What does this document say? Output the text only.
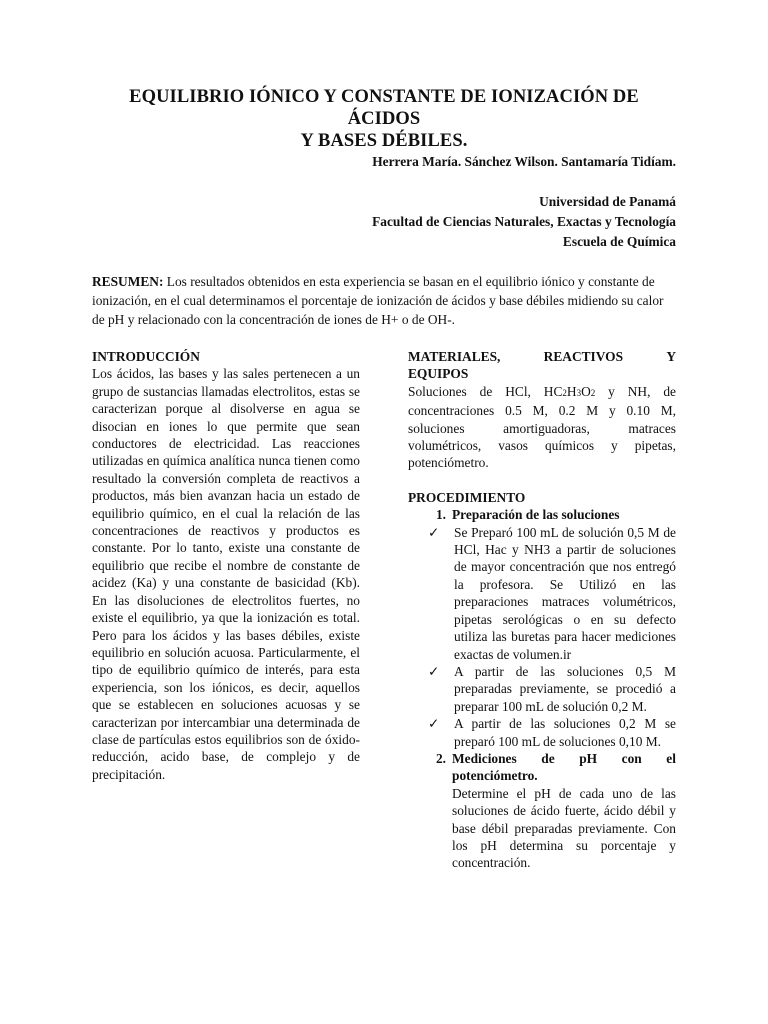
EQUILIBRIO IÓNICO Y CONSTANTE DE IONIZACIÓN DE ÁCIDOS
Y BASES DÉBILES.
Herrera María. Sánchez Wilson. Santamaría Tidíam.
Universidad de Panamá
Facultad de Ciencias Naturales, Exactas y Tecnología
Escuela de Química
RESUMEN: Los resultados obtenidos en esta experiencia se basan en el equilibrio iónico y constante de ionización, en el cual determinamos el porcentaje de ionización de ácidos y base débiles midiendo su calor de pH y relacionado con la concentración de iones de H+ o de OH-.
INTRODUCCIÓN

Los ácidos, las bases y las sales pertenecen a un grupo de sustancias llamadas electrolitos, estas se caracterizan porque al disolverse en agua se disocian en iones lo que permite que sean conductores de electricidad. Las reacciones utilizadas en química analítica nunca tienen como resultado la conversión completa de reactivos a productos, más bien avanzan hacia un estado de equilibrio químico, en el cual la relación de las concentraciones de reactivos y productos es constante. Por lo tanto, existe una constante de equilibrio que recibe el nombre de constante de acidez (Ka) y una constante de basicidad (Kb). En las disoluciones de electrolitos fuertes, no existe el equilibrio, ya que la ionización es total. Pero para los ácidos y las bases débiles, existe equilibrio en solución acuosa. Particularmente, el tipo de equilibrio químico de interés, para esta experiencia, son los iónicos, es decir, aquellos que se establecen en soluciones acuosas y se caracterizan por intercambiar una determinada de clase de partículas estos equilibrios son de óxido- reducción, acido base, de complejo y de precipitación.

MATERIALES,	REACTIVOS	Y
EQUIPOS

Soluciones de HCl, HC2H3O2 y NH, de concentraciones 0.5 M, 0.2 M y 0.10 M, soluciones amortiguadoras, matraces volumétricos, vasos químicos y pipetas, potenciómetro.

PROCEDIMIENTO
1. Preparación de las soluciones
✓	Se Preparó 100 mL de solución 0,5 M de HCl, Hac y NH3 a partir de soluciones de mayor concentración que nos entregó la profesora. Se Utilizó en las preparaciones matraces volumétricos, pipetas serológicas o en su defecto utiliza las buretas para hacer mediciones exactas de volumen.ir
✓	A partir de las soluciones 0,5 M preparadas previamente, se procedió a preparar 100 mL de solución 0,2 M.
✓	A partir de las soluciones 0,2 M se preparó 100 mL de soluciones 0,10 M.
2. Mediciones de pH con el
potenciómetro.
Determine el pH de cada uno de las soluciones de ácido fuerte, ácido débil y base débil preparadas previamente. Con los pH determina su porcentaje y concentración.
